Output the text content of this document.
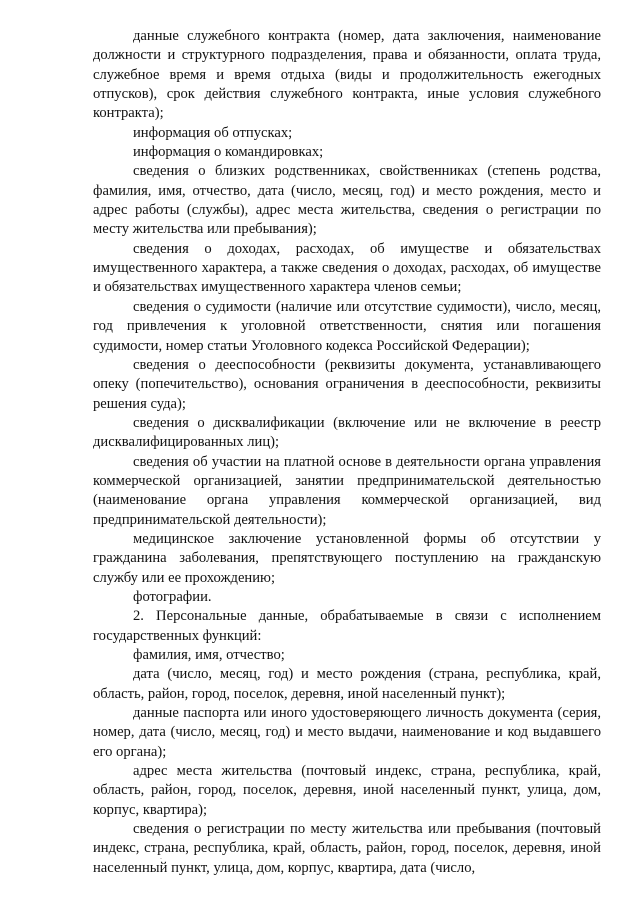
данные служебного контракта (номер, дата заключения, наименование должности и структурного подразделения, права и обязанности, оплата труда, служебное время и время отдыха (виды и продолжительность ежегодных отпусков), срок действия служебного контракта, иные условия служебного контракта);

информация об отпусках;

информация о командировках;

сведения о близких родственниках, свойственниках (степень родства, фамилия, имя, отчество, дата (число, месяц, год) и место рождения, место и адрес работы (службы), адрес места жительства, сведения о регистрации по месту жительства или пребывания);

сведения о доходах, расходах, об имуществе и обязательствах имущественного характера, а также сведения о доходах, расходах, об имуществе и обязательствах имущественного характера членов семьи;

сведения о судимости (наличие или отсутствие судимости), число, месяц, год привлечения к уголовной ответственности, снятия или погашения судимости, номер статьи Уголовного кодекса Российской Федерации);

сведения о дееспособности (реквизиты документа, устанавливающего опеку (попечительство), основания ограничения в дееспособности, реквизиты решения суда);

сведения о дисквалификации (включение или не включение в реестр дисквалифицированных лиц);

сведения об участии на платной основе в деятельности органа управления коммерческой организацией, занятии предпринимательской деятельностью (наименование органа управления коммерческой организацией, вид предпринимательской деятельности);

медицинское заключение установленной формы об отсутствии у гражданина заболевания, препятствующего поступлению на гражданскую службу или ее прохождению;

фотографии.

2. Персональные данные, обрабатываемые в связи с исполнением государственных функций:

фамилия, имя, отчество;

дата (число, месяц, год) и место рождения (страна, республика, край, область, район, город, поселок, деревня, иной населенный пункт);

данные паспорта или иного удостоверяющего личность документа (серия, номер, дата (число, месяц, год) и место выдачи, наименование и код выдавшего его органа);

адрес места жительства (почтовый индекс, страна, республика, край, область, район, город, поселок, деревня, иной населенный пункт, улица, дом, корпус, квартира);

сведения о регистрации по месту жительства или пребывания (почтовый индекс, страна, республика, край, область, район, город, поселок, деревня, иной населенный пункт, улица, дом, корпус, квартира, дата (число,
